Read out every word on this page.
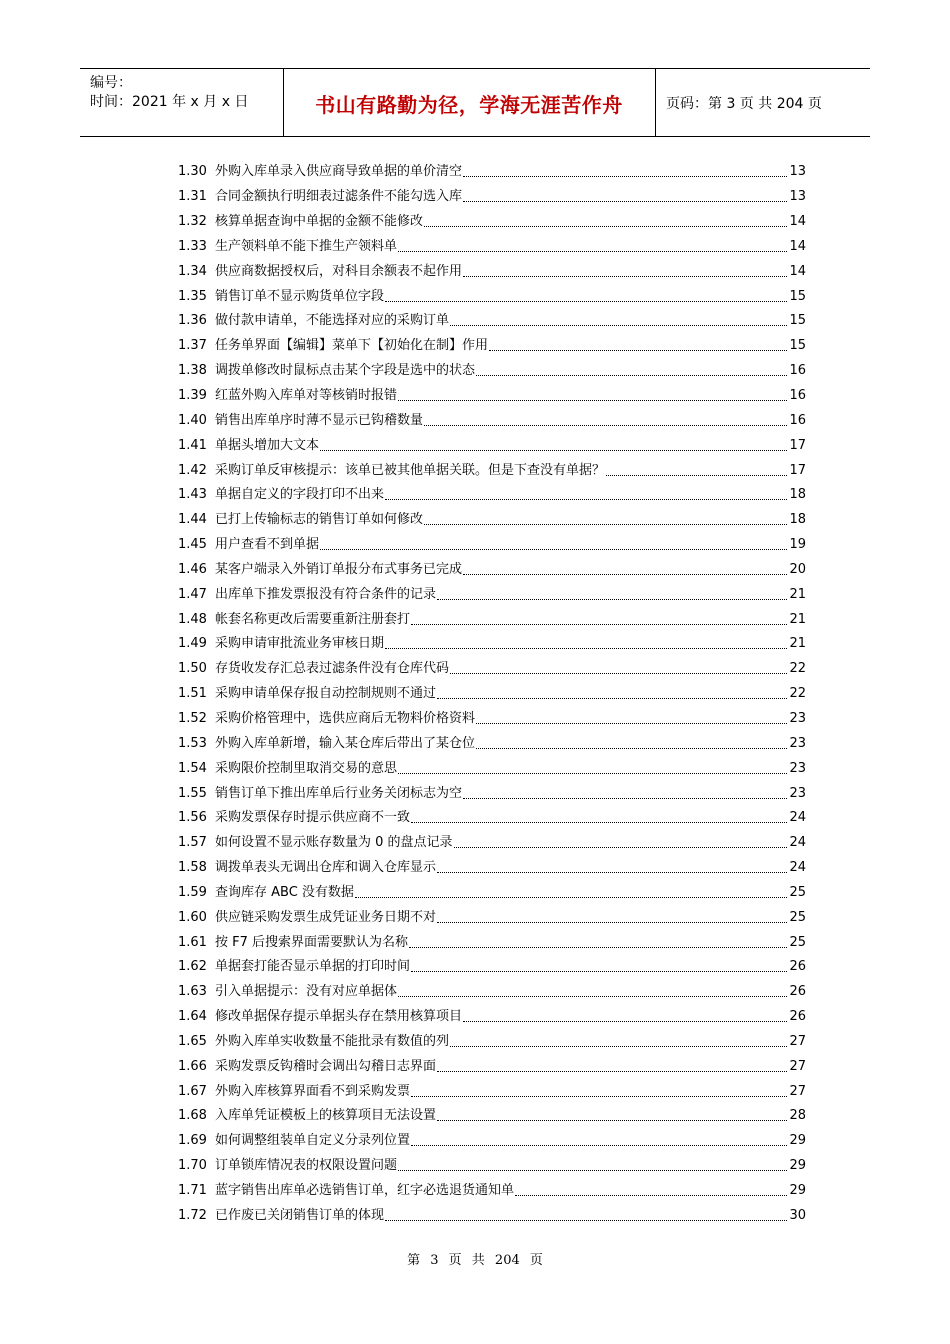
编号：
时间：2021 年 x 月 x 日	书山有路勤为径，学海无涯苦作舟	页码：第 3 页 共 204 页
1.30 外购入库单录入供应商导致单据的单价清空	13
1.31 合同金额执行明细表过滤条件不能勾选入库	13
1.32 核算单据查询中单据的金额不能修改	14
1.33 生产领料单不能下推生产领料单	14
1.34 供应商数据授权后，对科目余额表不起作用	14
1.35 销售订单不显示购货单位字段	15
1.36 做付款申请单，不能选择对应的采购订单	15
1.37 任务单界面【编辑】菜单下【初始化在制】作用	15
1.38 调拨单修改时鼠标点击某个字段是选中的状态	16
1.39 红蓝外购入库单对等核销时报错	16
1.40 销售出库单序时薄不显示已钩稽数量	16
1.41 单据头增加大文本	17
1.42 采购订单反审核提示：该单已被其他单据关联。但是下查没有单据？	17
1.43 单据自定义的字段打印不出来	18
1.44 已打上传输标志的销售订单如何修改	18
1.45 用户查看不到单据	19
1.46 某客户端录入外销订单报分布式事务已完成	20
1.47 出库单下推发票报没有符合条件的记录	21
1.48 帐套名称更改后需要重新注册套打	21
1.49 采购申请审批流业务审核日期	21
1.50 存货收发存汇总表过滤条件没有仓库代码	22
1.51 采购申请单保存报自动控制规则不通过	22
1.52 采购价格管理中，选供应商后无物料价格资料	23
1.53 外购入库单新增，输入某仓库后带出了某仓位	23
1.54 采购限价控制里取消交易的意思	23
1.55 销售订单下推出库单后行业务关闭标志为空	23
1.56 采购发票保存时提示供应商不一致	24
1.57 如何设置不显示账存数量为 0 的盘点记录	24
1.58 调拨单表头无调出仓库和调入仓库显示	24
1.59 查询库存 ABC 没有数据	25
1.60 供应链采购发票生成凭证业务日期不对	25
1.61 按 F7 后搜索界面需要默认为名称	25
1.62 单据套打能否显示单据的打印时间	26
1.63 引入单据提示：没有对应单据体	26
1.64 修改单据保存提示单据头存在禁用核算项目	26
1.65 外购入库单实收数量不能批录有数值的列	27
1.66 采购发票反钩稽时会调出勾稽日志界面	27
1.67 外购入库核算界面看不到采购发票	27
1.68 入库单凭证模板上的核算项目无法设置	28
1.69 如何调整组装单自定义分录列位置	29
1.70 订单锁库情况表的权限设置问题	29
1.71 蓝字销售出库单必选销售订单，红字必选退货通知单	29
1.72 已作废已关闭销售订单的体现	30
第 3 页 共 204 页
